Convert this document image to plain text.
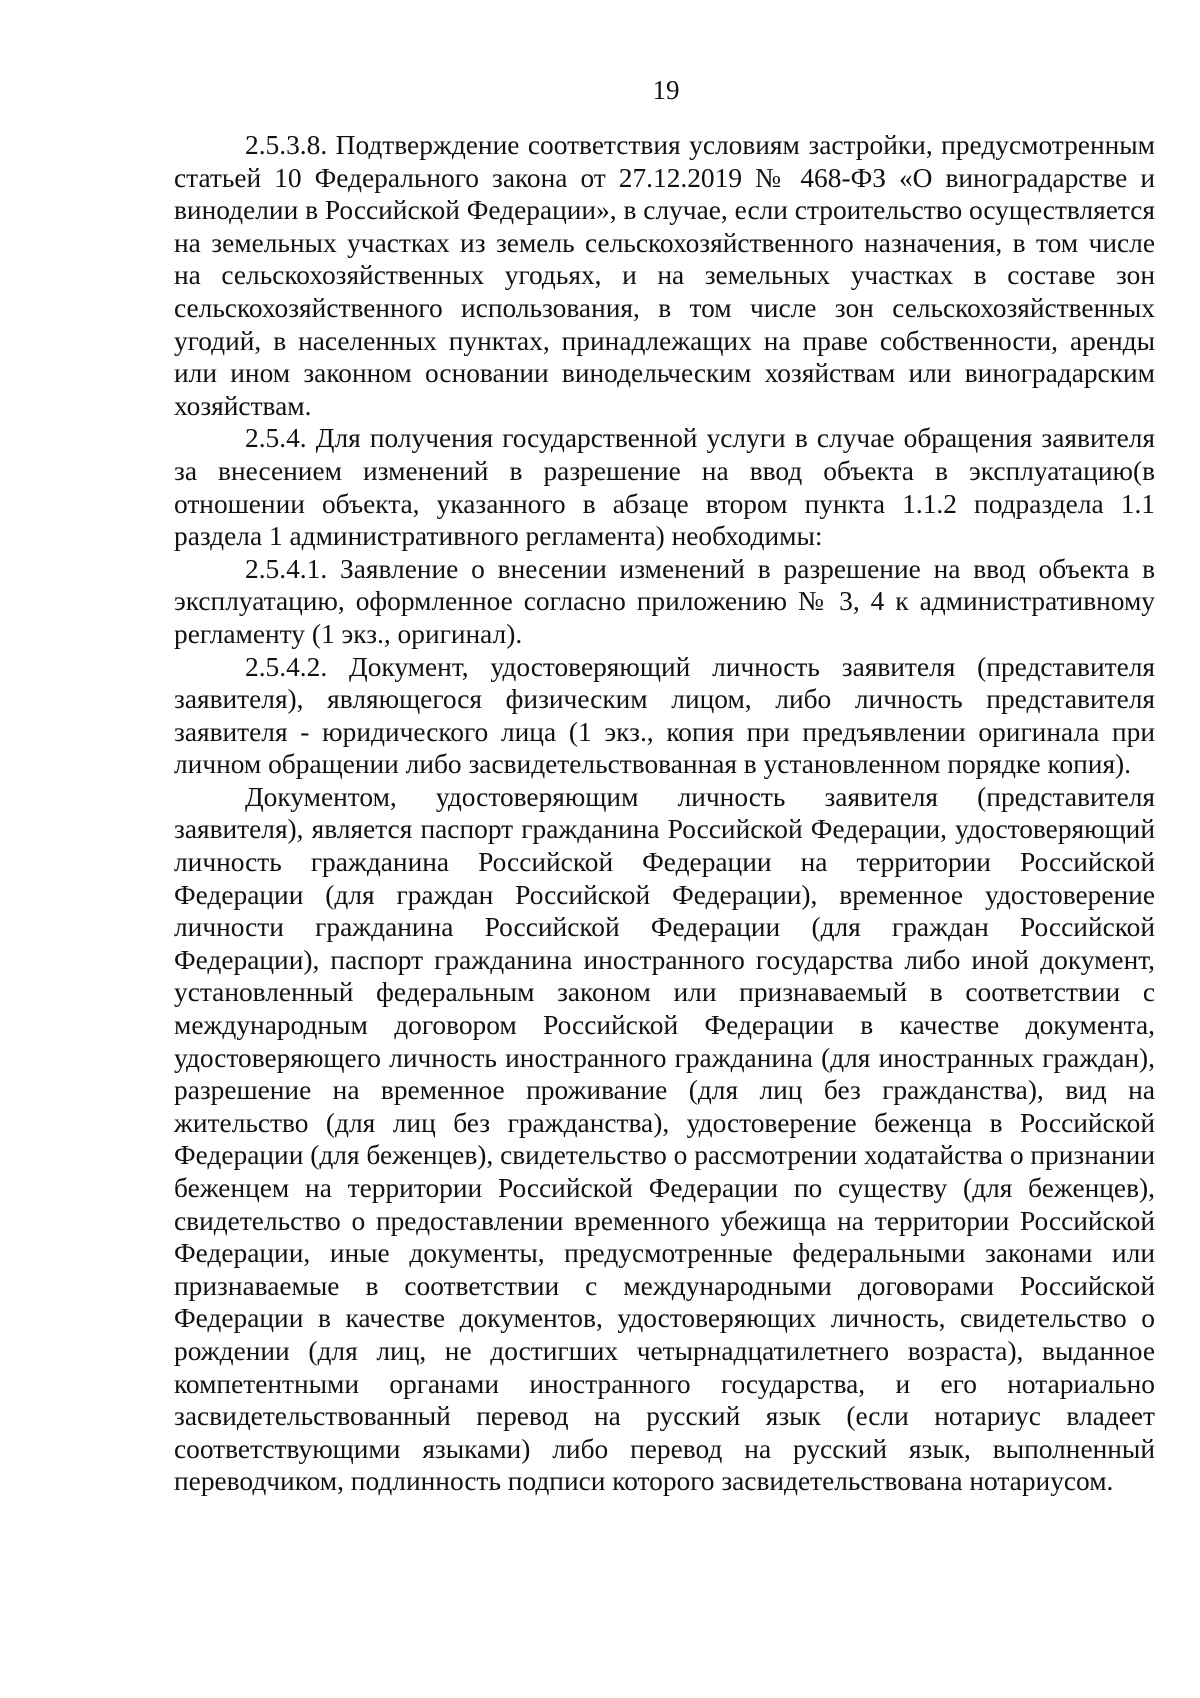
19

2.5.3.8. Подтверждение соответствия условиям застройки, предусмотренным статьей 10 Федерального закона от 27.12.2019 № 468-ФЗ «О виноградарстве и виноделии в Российской Федерации», в случае, если строительство осуществляется на земельных участках из земель сельскохозяйственного назначения, в том числе на сельскохозяйственных угодьях, и на земельных участках в составе зон сельскохозяйственного использования, в том числе зон сельскохозяйственных угодий, в населенных пунктах, принадлежащих на праве собственности, аренды или ином законном основании винодельческим хозяйствам или виноградарским хозяйствам.

2.5.4. Для получения государственной услуги в случае обращения заявителя за внесением изменений в разрешение на ввод объекта в эксплуатацию(в отношении объекта, указанного в абзаце втором пункта 1.1.2 подраздела 1.1 раздела 1 административного регламента) необходимы:

2.5.4.1. Заявление о внесении изменений в разрешение на ввод объекта в эксплуатацию, оформленное согласно приложению № 3, 4 к административному регламенту (1 экз., оригинал).

2.5.4.2. Документ, удостоверяющий личность заявителя (представителя заявителя), являющегося физическим лицом, либо личность представителя заявителя - юридического лица (1 экз., копия при предъявлении оригинала при личном обращении либо засвидетельствованная в установленном порядке копия).

Документом, удостоверяющим личность заявителя (представителя заявителя), является паспорт гражданина Российской Федерации, удостоверяющий личность гражданина Российской Федерации на территории Российской Федерации (для граждан Российской Федерации), временное удостоверение личности гражданина Российской Федерации (для граждан Российской Федерации), паспорт гражданина иностранного государства либо иной документ, установленный федеральным законом или признаваемый в соответствии с международным договором Российской Федерации в качестве документа, удостоверяющего личность иностранного гражданина (для иностранных граждан), разрешение на временное проживание (для лиц без гражданства), вид на жительство (для лиц без гражданства), удостоверение беженца в Российской Федерации (для беженцев), свидетельство о рассмотрении ходатайства о признании беженцем на территории Российской Федерации по существу (для беженцев), свидетельство о предоставлении временного убежища на территории Российской Федерации, иные документы, предусмотренные федеральными законами или признаваемые в соответствии с международными договорами Российской Федерации в качестве документов, удостоверяющих личность, свидетельство о рождении (для лиц, не достигших четырнадцатилетнего возраста), выданное компетентными органами иностранного государства, и его нотариально засвидетельствованный перевод на русский язык (если нотариус владеет соответствующими языками) либо перевод на русский язык, выполненный переводчиком, подлинность подписи которого засвидетельствована нотариусом.
